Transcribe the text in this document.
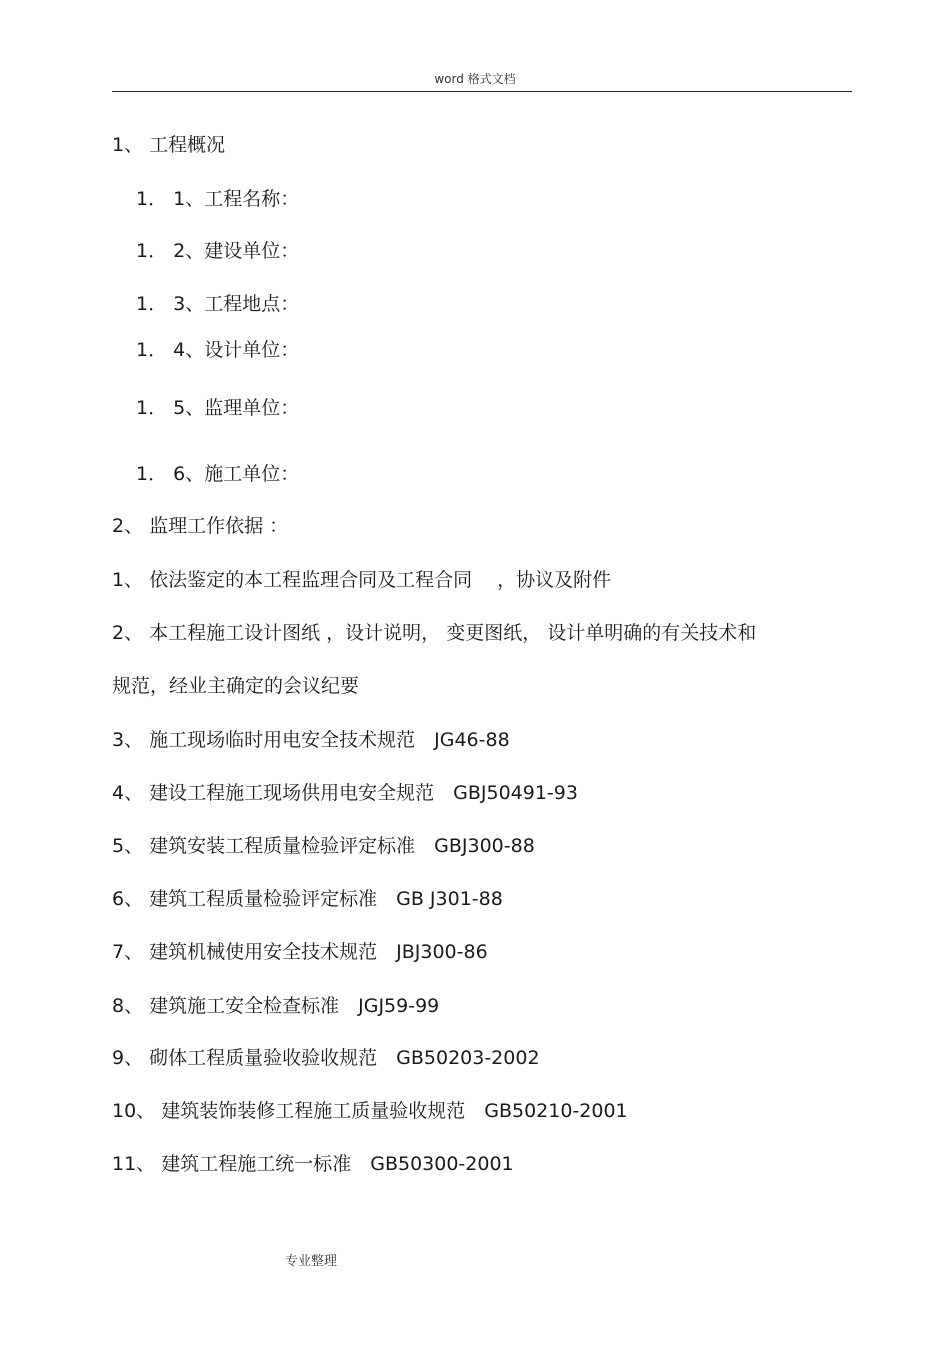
word 格式文档
1、 工程概况
1． 1、工程名称：
1． 2、建设单位：
1． 3、工程地点：
1． 4、设计单位：
1． 5、监理单位：
1． 6、施工单位：
2、 监理工作依据 ：
1、 依法鉴定的本工程监理合同及工程合同　 ，协议及附件
2、 本工程施工设计图纸 ，设计说明， 变更图纸， 设计单明确的有关技术和
规范，经业主确定的会议纪要
3、 施工现场临时用电安全技术规范　JG46-88
4、 建设工程施工现场供用电安全规范　GBJ50491-93
5、 建筑安装工程质量检验评定标准　GBJ300-88
6、 建筑工程质量检验评定标准　GB J301-88
7、 建筑机械使用安全技术规范　JBJ300-86
8、 建筑施工安全检查标准　JGJ59-99
9、 砌体工程质量验收验收规范　GB50203-2002
10、 建筑装饰装修工程施工质量验收规范　GB50210-2001
11、 建筑工程施工统一标准　GB50300-2001
专业整理
